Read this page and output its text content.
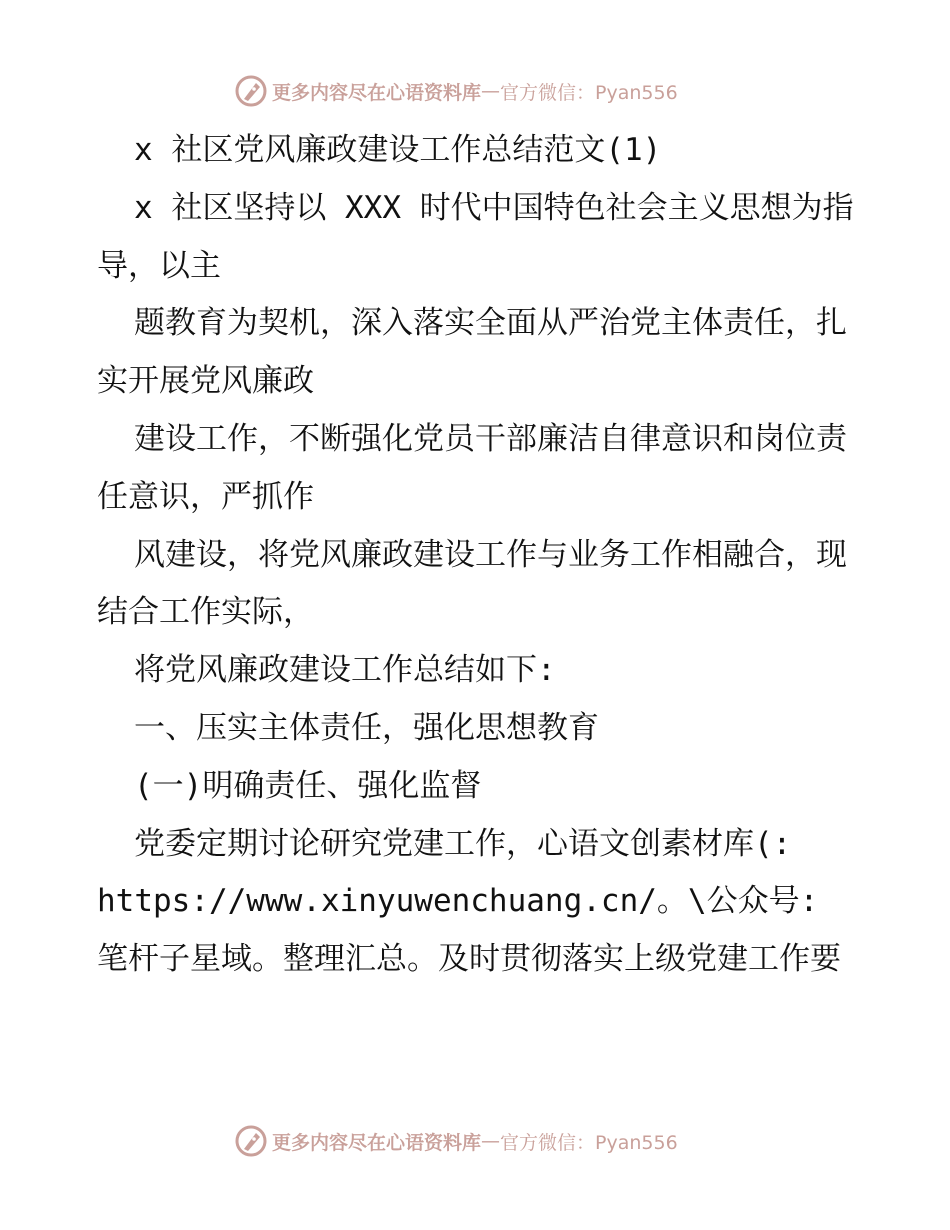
更多内容尽在心语资料库 — 官方微信：Pyan556

x 社区党风廉政建设工作总结范文(1)

x 社区坚持以 XXX 时代中国特色社会主义思想为指导，以主

题教育为契机，深入落实全面从严治党主体责任，扎实开展党风廉政

建设工作，不断强化党员干部廉洁自律意识和岗位责任意识，严抓作

风建设，将党风廉政建设工作与业务工作相融合，现结合工作实际，

将党风廉政建设工作总结如下:

一、压实主体责任，强化思想教育

(一)明确责任、强化监督

党委定期讨论研究党建工作，心语文创素材库(: https://www.xinyuwenchuang.cn/。\公众号: 笔杆子星域。整理汇总。及时贯彻落实上级党建工作要

更多内容尽在心语资料库 — 官方微信：Pyan556
